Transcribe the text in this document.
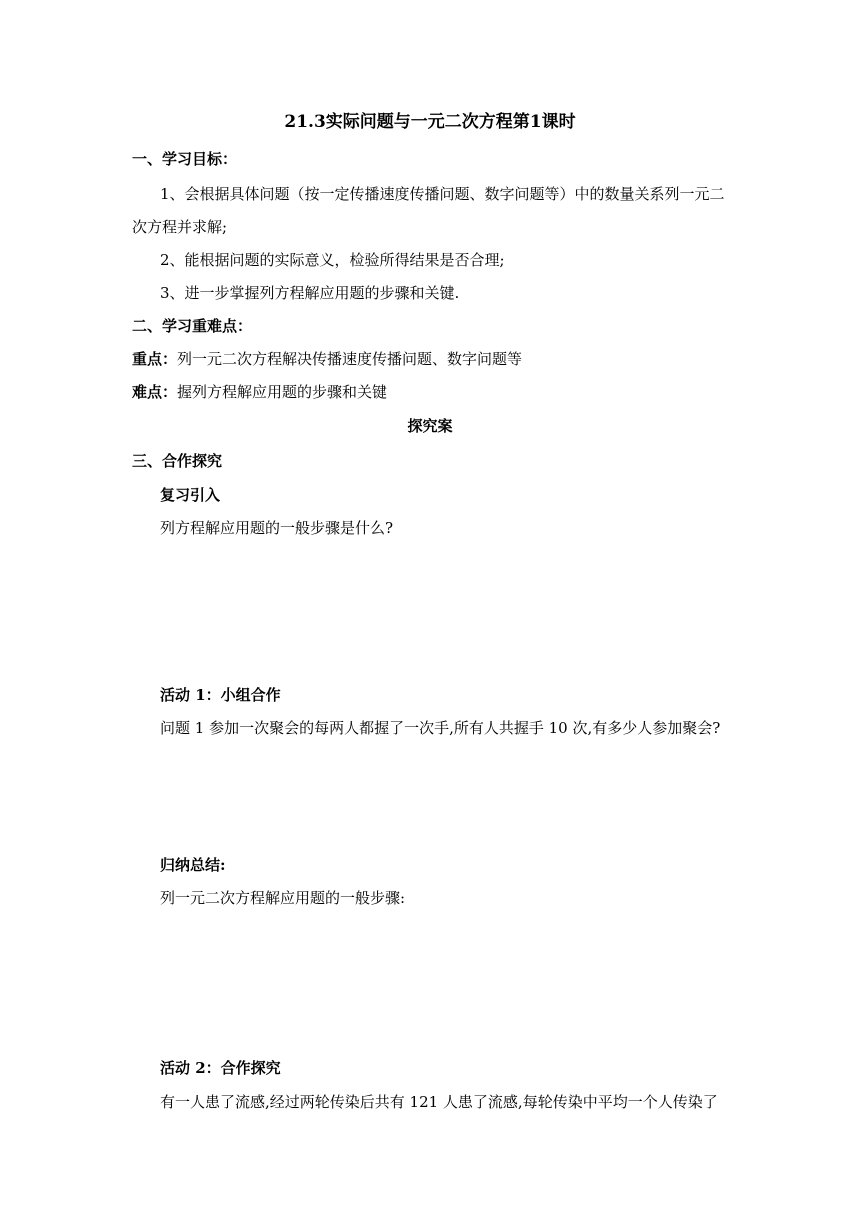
21.3实际问题与一元二次方程第1课时
一、学习目标：
1、会根据具体问题（按一定传播速度传播问题、数字问题等）中的数量关系列一元二
次方程并求解;
2、能根据问题的实际意义，检验所得结果是否合理;
3、进一步掌握列方程解应用题的步骤和关键.
二、学习重难点：
重点：列一元二次方程解决传播速度传播问题、数字问题等
难点：握列方程解应用题的步骤和关键
探究案
三、合作探究
复习引入
列方程解应用题的一般步骤是什么?
活动 1：小组合作
问题 1 参加一次聚会的每两人都握了一次手,所有人共握手 10 次,有多少人参加聚会?
归纳总结:
列一元二次方程解应用题的一般步骤:
活动 2：合作探究
有一人患了流感,经过两轮传染后共有 121 人患了流感,每轮传染中平均一个人传染了
